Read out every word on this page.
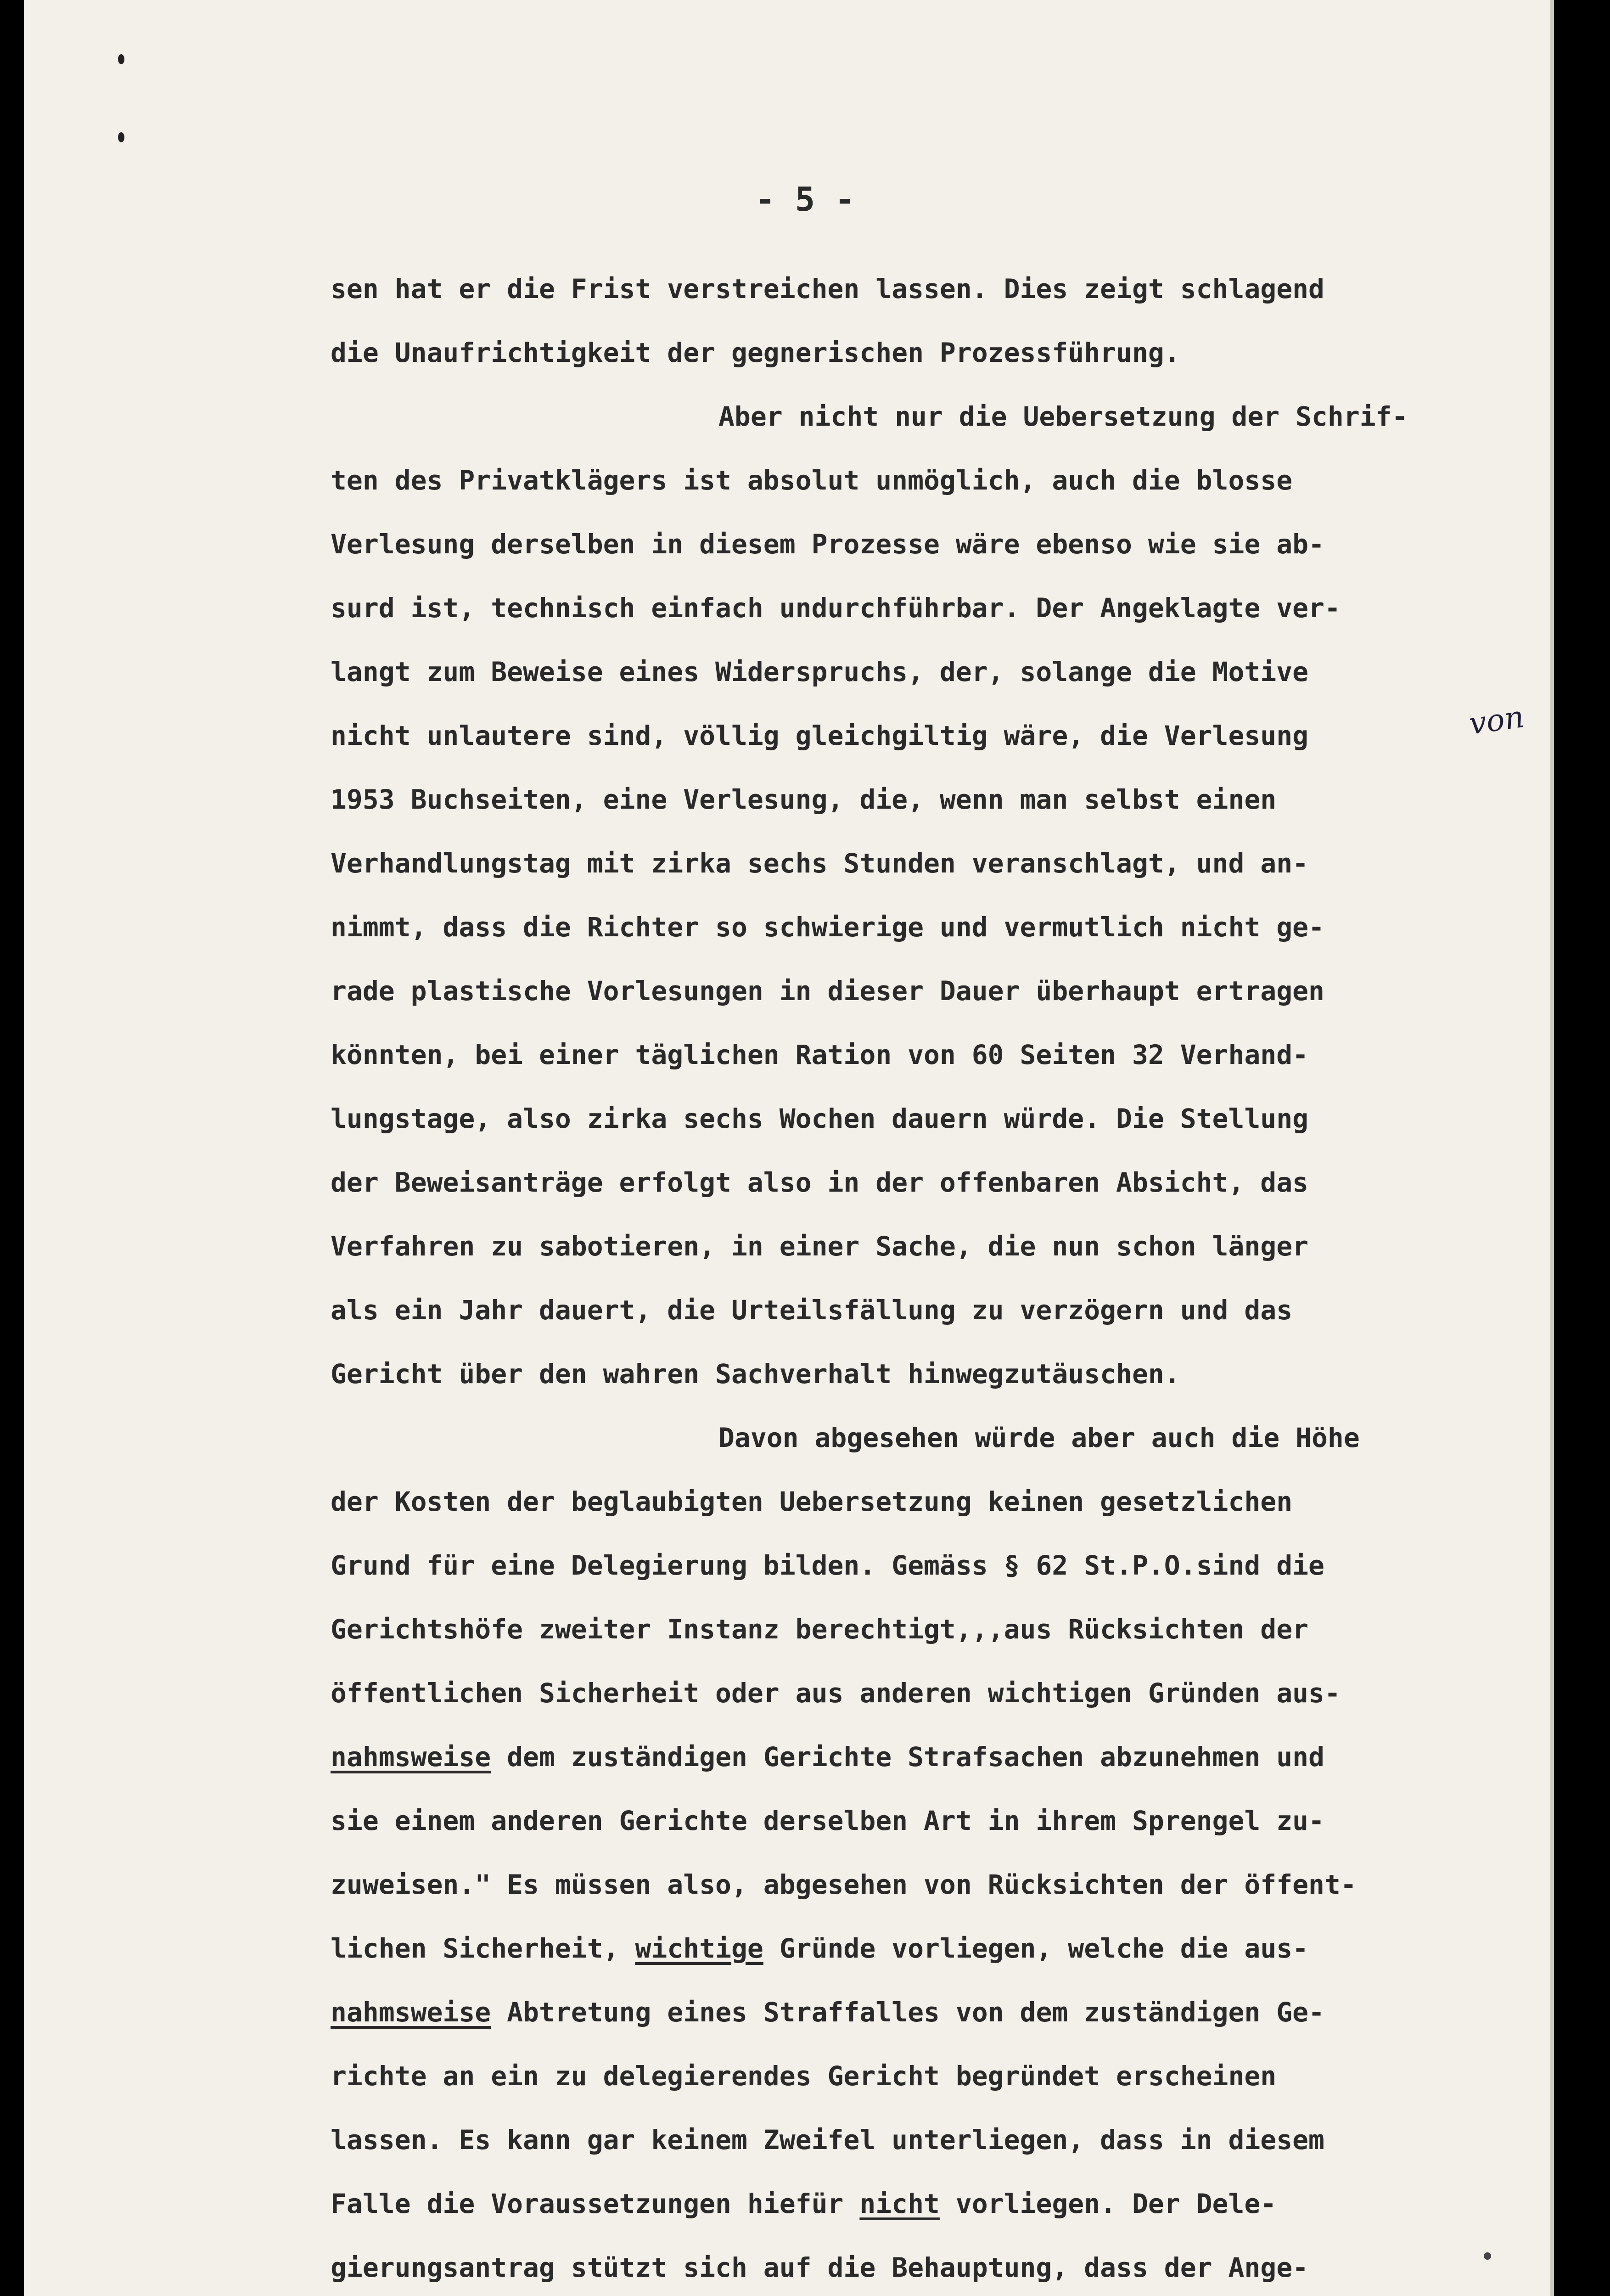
- 5 -
sen hat er die Frist verstreichen lassen. Dies zeigt schlagend
die Unaufrichtigkeit der gegnerischen Prozessführung.
Aber nicht nur die Uebersetzung der Schrif-
ten des Privatklägers ist absolut unmöglich, auch die blosse
Verlesung derselben in diesem Prozesse wäre ebenso wie sie ab-
surd ist, technisch einfach undurchführbar. Der Angeklagte ver-
langt zum Beweise eines Widerspruchs, der, solange die Motive
nicht unlautere sind, völlig gleichgiltig wäre, die Verlesung
1953 Buchseiten, eine Verlesung, die, wenn man selbst einen
Verhandlungstag mit zirka sechs Stunden veranschlagt, und an-
nimmt, dass die Richter so schwierige und vermutlich nicht ge-
rade plastische Vorlesungen in dieser Dauer überhaupt ertragen
könnten, bei einer täglichen Ration von 60 Seiten 32 Verhand-
lungstage, also zirka sechs Wochen dauern würde. Die Stellung
der Beweisanträge erfolgt also in der offenbaren Absicht, das
Verfahren zu sabotieren, in einer Sache, die nun schon länger
als ein Jahr dauert, die Urteilsfällung zu verzögern und das
Gericht über den wahren Sachverhalt hinwegzutäuschen.
Davon abgesehen würde aber auch die Höhe
der Kosten der beglaubigten Uebersetzung keinen gesetzlichen
Grund für eine Delegierung bilden. Gemäss § 62 St.P.O.sind die
Gerichtshöfe zweiter Instanz berechtigt,,,aus Rücksichten der
öffentlichen Sicherheit oder aus anderen wichtigen Gründen aus-
nahmsweise dem zuständigen Gerichte Strafsachen abzunehmen und
sie einem anderen Gerichte derselben Art in ihrem Sprengel zu-
zuweisen." Es müssen also, abgesehen von Rücksichten der öffent-
lichen Sicherheit, wichtige Gründe vorliegen, welche die aus-
nahmsweise Abtretung eines Straffalles von dem zuständigen Ge-
richte an ein zu delegierendes Gericht begründet erscheinen
lassen. Es kann gar keinem Zweifel unterliegen, dass in diesem
Falle die Voraussetzungen hiefür nicht vorliegen. Der Dele-
gierungsantrag stützt sich auf die Behauptung, dass der Ange-
von
